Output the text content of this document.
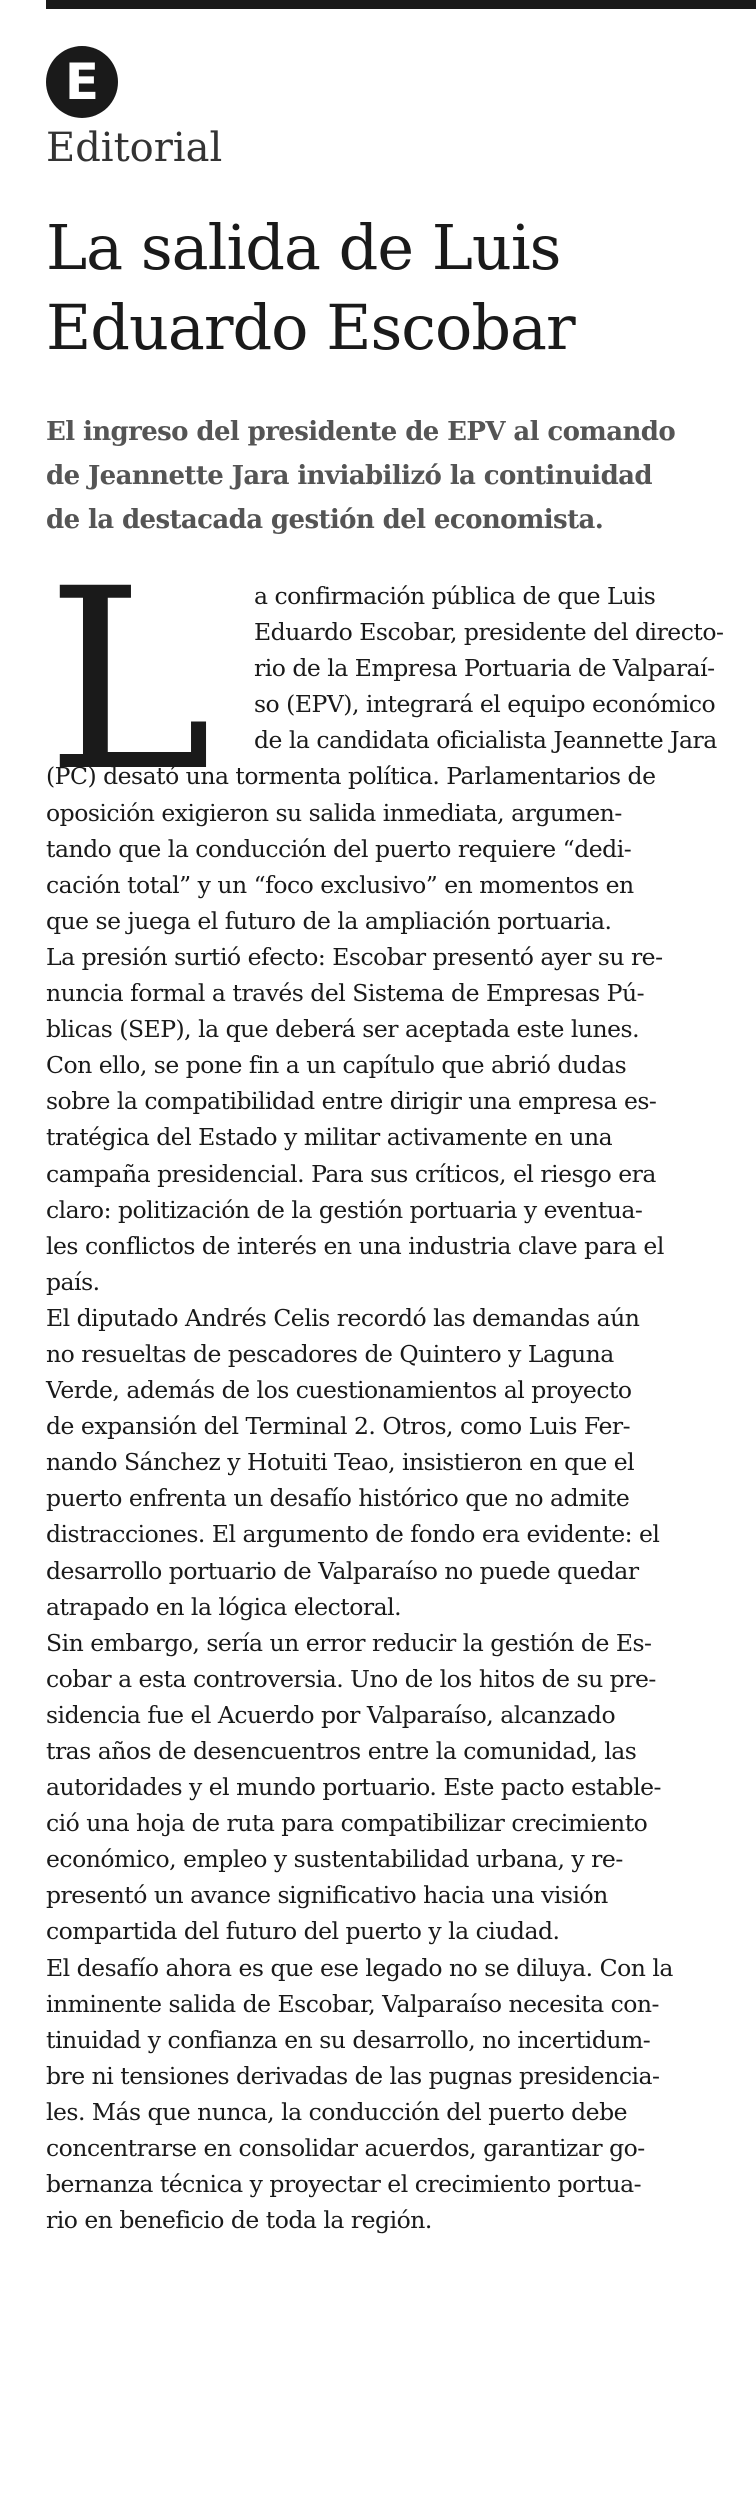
E
Editorial
La salida de Luis
Eduardo Escobar
El ingreso del presidente de EPV al comando
de Jeannette Jara inviabilizó la continuidad
de la destacada gestión del economista.
L	a confirmación pública de que Luis
Eduardo Escobar, presidente del directo-
rio de la Empresa Portuaria de Valparaí-
so (EPV), integrará el equipo económico
de la candidata oficialista Jeannette Jara
(PC) desató una tormenta política. Parlamentarios de
oposición exigieron su salida inmediata, argumen-
tando que la conducción del puerto requiere “dedi-
cación total” y un “foco exclusivo” en momentos en
que se juega el futuro de la ampliación portuaria.
La presión surtió efecto: Escobar presentó ayer su re-
nuncia formal a través del Sistema de Empresas Pú-
blicas (SEP), la que deberá ser aceptada este lunes.
Con ello, se pone fin a un capítulo que abrió dudas
sobre la compatibilidad entre dirigir una empresa es-
tratégica del Estado y militar activamente en una
campaña presidencial. Para sus críticos, el riesgo era
claro: politización de la gestión portuaria y eventua-
les conflictos de interés en una industria clave para el
país.
El diputado Andrés Celis recordó las demandas aún
no resueltas de pescadores de Quintero y Laguna
Verde, además de los cuestionamientos al proyecto
de expansión del Terminal 2. Otros, como Luis Fer-
nando Sánchez y Hotuiti Teao, insistieron en que el
puerto enfrenta un desafío histórico que no admite
distracciones. El argumento de fondo era evidente: el
desarrollo portuario de Valparaíso no puede quedar
atrapado en la lógica electoral.
Sin embargo, sería un error reducir la gestión de Es-
cobar a esta controversia. Uno de los hitos de su pre-
sidencia fue el Acuerdo por Valparaíso, alcanzado
tras años de desencuentros entre la comunidad, las
autoridades y el mundo portuario. Este pacto estable-
ció una hoja de ruta para compatibilizar crecimiento
económico, empleo y sustentabilidad urbana, y re-
presentó un avance significativo hacia una visión
compartida del futuro del puerto y la ciudad.
El desafío ahora es que ese legado no se diluya. Con la
inminente salida de Escobar, Valparaíso necesita con-
tinuidad y confianza en su desarrollo, no incertidum-
bre ni tensiones derivadas de las pugnas presidencia-
les. Más que nunca, la conducción del puerto debe
concentrarse en consolidar acuerdos, garantizar go-
bernanza técnica y proyectar el crecimiento portua-
rio en beneficio de toda la región.
